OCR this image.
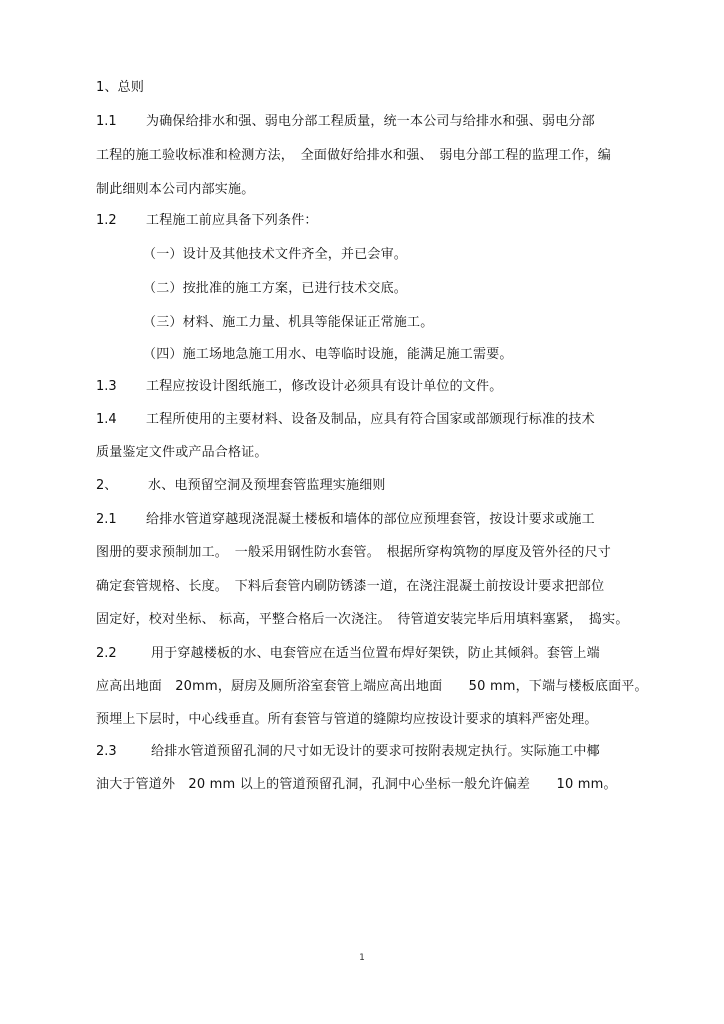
1、总则
1.1 为确保给排水和强、弱电分部工程质量，统一本公司与给排水和强、弱电分部
工程的施工验收标准和检测方法，　全面做好给排水和强、　弱电分部工程的监理工作，编
制此细则本公司内部实施。
1.2 工程施工前应具备下列条件：
（一）设计及其他技术文件齐全，并已会审。
（二）按批准的施工方案，已进行技术交底。
（三）材料、施工力量、机具等能保证正常施工。
（四）施工场地急施工用水、电等临时设施，能满足施工需要。
1.3 工程应按设计图纸施工，修改设计必须具有设计单位的文件。
1.4 工程所使用的主要材料、设备及制品，应具有符合国家或部颁现行标准的技术
质量鉴定文件或产品合格证。
2、 水、电预留空洞及预埋套管监理实施细则
2.1 给排水管道穿越现浇混凝土楼板和墙体的部位应预埋套管，按设计要求或施工
图册的要求预制加工。　一般采用钢性防水套管。　根据所穿构筑物的厚度及管外径的尺寸
确定套管规格、长度。　下料后套管内刷防锈漆一道，在浇注混凝土前按设计要求把部位
固定好，校对坐标、 标高，平整合格后一次浇注。　待管道安装完毕后用填料塞紧，　捣实。
2.2	用于穿越楼板的水、电套管应在适当位置布焊好架铁，防止其倾斜。套管上端
应高出地面　20mm，厨房及厕所浴室套管上端应高出地面　　50 mm，下端与楼板底面平。
预埋上下层时，中心线垂直。所有套管与管道的缝隙均应按设计要求的填料严密处理。
2.3	给排水管道预留孔洞的尺寸如无设计的要求可按附表规定执行。实际施工中椰
油大于管道外　20 mm 以上的管道预留孔洞，孔洞中心坐标一般允许偏差　　10 mm。
1
